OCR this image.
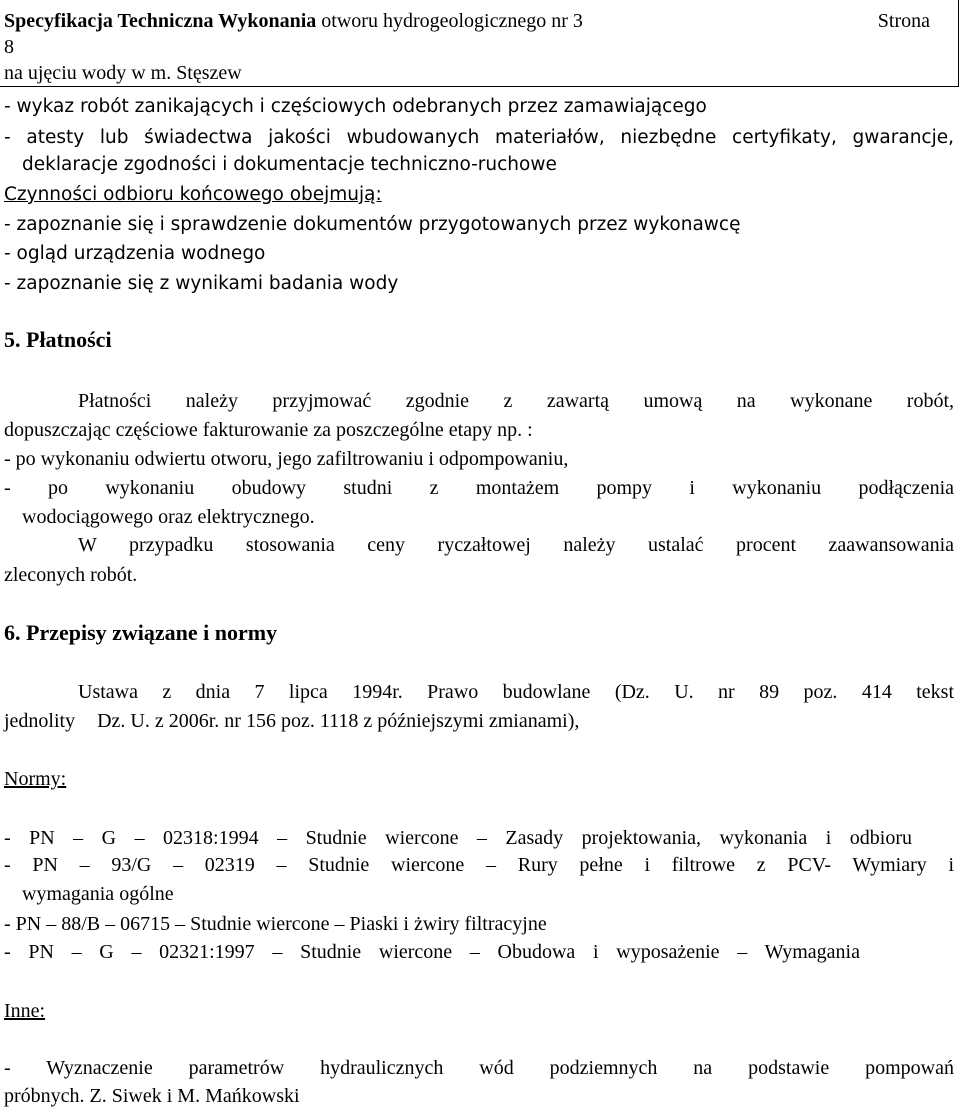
Specyfikacja Techniczna Wykonania otworu hydrogeologicznego nr 3	Strona
8
na ujęciu wody w m. Stęszew
- wykaz robót zanikających i częściowych odebranych przez zamawiającego
- atesty lub świadectwa jakości wbudowanych materiałów, niezbędne certyfikaty, gwarancje,
deklaracje zgodności i dokumentacje techniczno-ruchowe
Czynności odbioru końcowego obejmują:
- zapoznanie się i sprawdzenie dokumentów przygotowanych przez wykonawcę
- ogląd urządzenia wodnego
- zapoznanie się z wynikami badania wody
5. Płatności
Płatności należy przyjmować zgodnie z zawartą umową na wykonane robót,
dopuszczając częściowe fakturowanie za poszczególne etapy np. :
- po wykonaniu odwiertu otworu, jego zafiltrowaniu i odpompowaniu,
- po wykonaniu obudowy studni z montażem pompy i wykonaniu podłączenia
wodociągowego oraz elektrycznego.
W przypadku stosowania ceny ryczałtowej należy ustalać procent zaawansowania
zleconych robót.
6. Przepisy związane i normy
Ustawa z dnia 7 lipca 1994r. Prawo budowlane (Dz. U. nr 89 poz. 414 tekst
jednolity Dz. U. z 2006r. nr 156 poz. 1118 z późniejszymi zmianami),
Normy:
- PN – G – 02318:1994 – Studnie wiercone – Zasady projektowania, wykonania i odbioru
- PN – 93/G – 02319 – Studnie wiercone – Rury pełne i filtrowe z PCV- Wymiary i
wymagania ogólne
- PN – 88/B – 06715 – Studnie wiercone – Piaski i żwiry filtracyjne
- PN – G – 02321:1997 – Studnie wiercone – Obudowa i wyposażenie – Wymagania
Inne:
- Wyznaczenie parametrów hydraulicznych wód podziemnych na podstawie pompowań
próbnych. Z. Siwek i M. Mańkowski
